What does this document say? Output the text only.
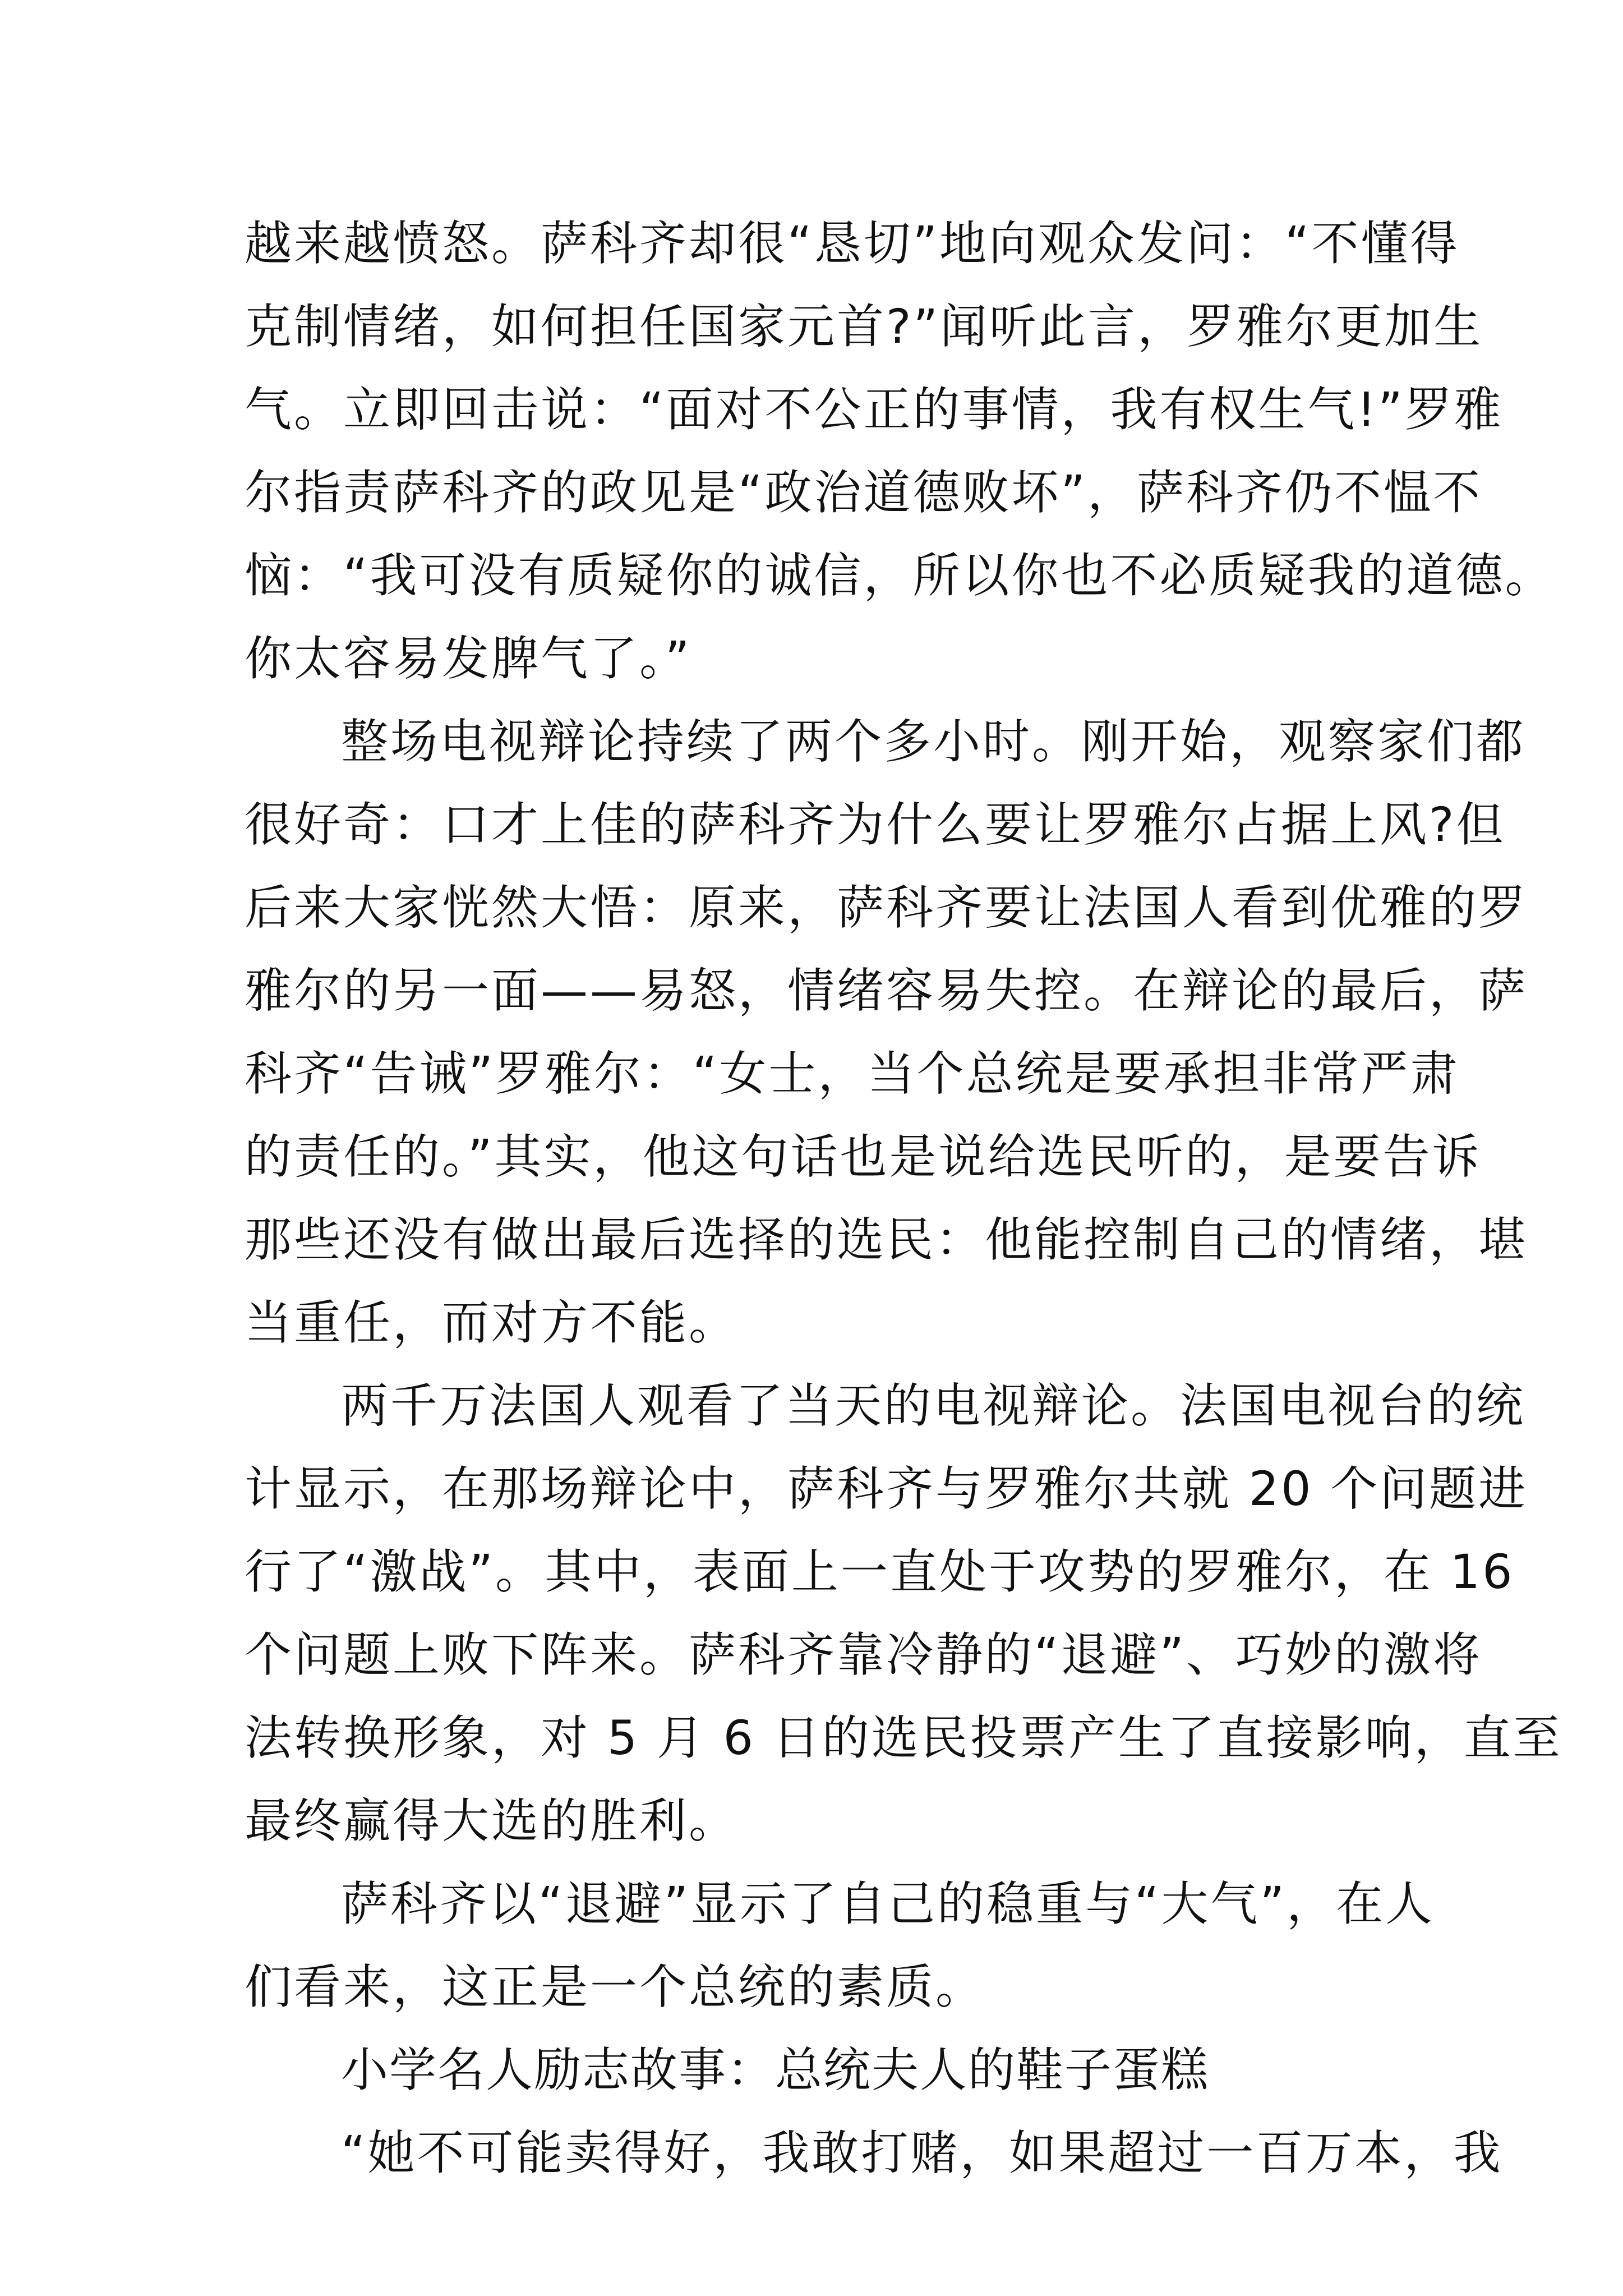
越来越愤怒。萨科齐却很“恳切”地向观众发问：“不懂得
克制情绪，如何担任国家元首?”闻听此言，罗雅尔更加生
气。立即回击说：“面对不公正的事情，我有权生气!”罗雅
尔指责萨科齐的政见是“政治道德败坏”，萨科齐仍不愠不
恼：“我可没有质疑你的诚信，所以你也不必质疑我的道德。
你太容易发脾气了。”
整场电视辩论持续了两个多小时。刚开始，观察家们都
很好奇：口才上佳的萨科齐为什么要让罗雅尔占据上风?但
后来大家恍然大悟：原来，萨科齐要让法国人看到优雅的罗
雅尔的另一面——易怒，情绪容易失控。在辩论的最后，萨
科齐“告诫”罗雅尔：“女士，当个总统是要承担非常严肃
的责任的。”其实，他这句话也是说给选民听的，是要告诉
那些还没有做出最后选择的选民：他能控制自己的情绪，堪
当重任，而对方不能。
两千万法国人观看了当天的电视辩论。法国电视台的统
计显示，在那场辩论中，萨科齐与罗雅尔共就 20 个问题进
行了“激战”。其中，表面上一直处于攻势的罗雅尔，在 16
个问题上败下阵来。萨科齐靠冷静的“退避”、巧妙的激将
法转换形象，对 5 月 6 日的选民投票产生了直接影响，直至
最终赢得大选的胜利。
萨科齐以“退避”显示了自己的稳重与“大气”，在人
们看来，这正是一个总统的素质。
小学名人励志故事：总统夫人的鞋子蛋糕
“她不可能卖得好，我敢打赌，如果超过一百万本，我
